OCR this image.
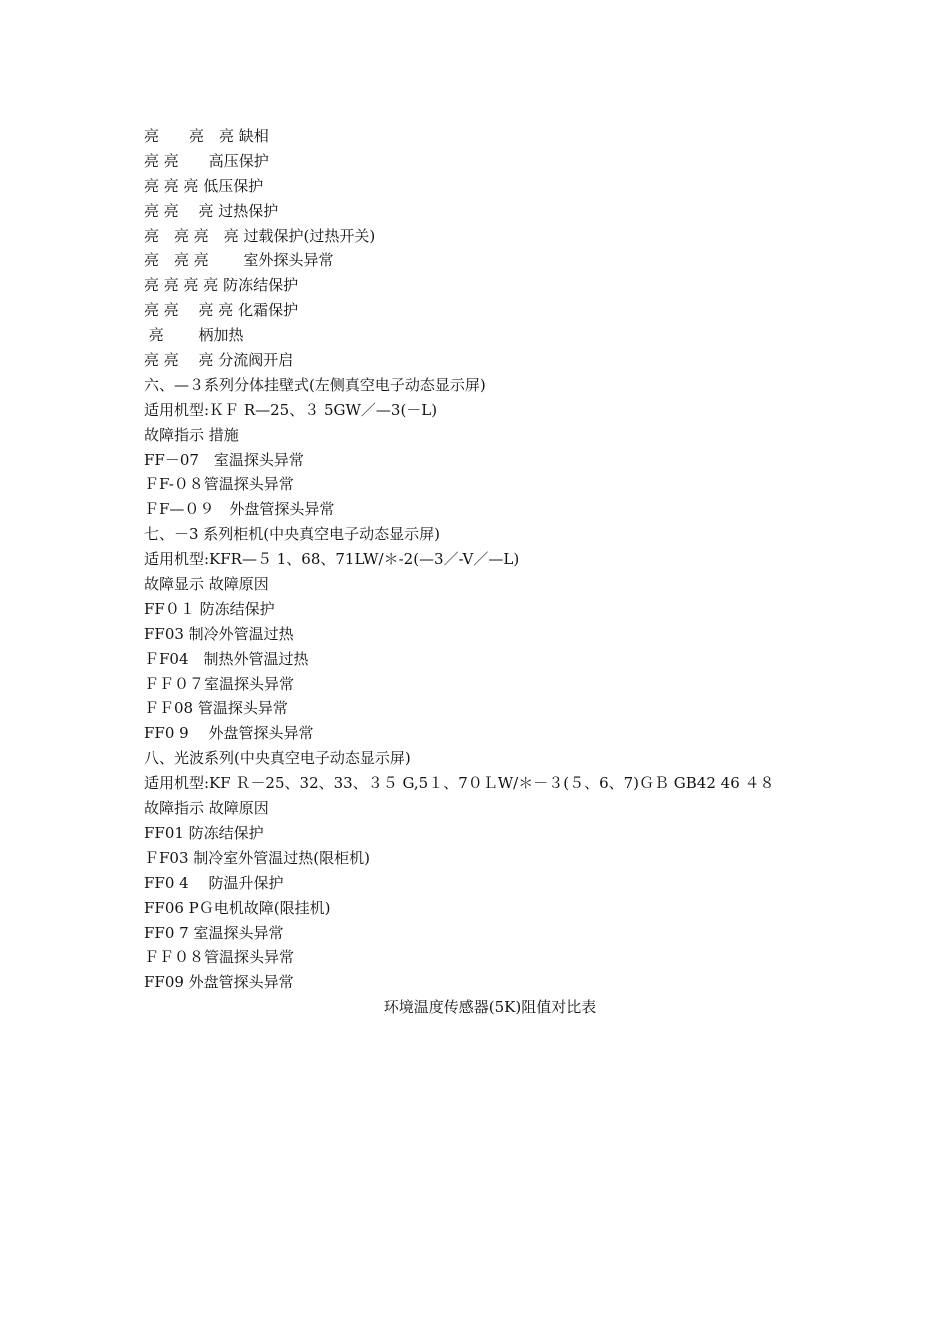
亮　　亮　亮 缺相
亮 亮　　高压保护
亮 亮 亮 低压保护
亮 亮　 亮 过热保护
亮　亮 亮　亮 过载保护(过热开关)
亮　亮 亮　　 室外探头异常
亮 亮 亮 亮 防冻结保护
亮 亮　 亮 亮 化霜保护
亮　　 柄加热
亮 亮　 亮 分流阀开启
六、—３系列分体挂壁式(左侧真空电子动态显示屏)
适用机型:ＫＦ R—25、３ 5GW／—3(－L)
故障指示 措施
FF－07　室温探头异常
ＦF-０８管温探头异常
ＦF—０９　外盘管探头异常
七、－3 系列柜机(中央真空电子动态显示屏)
适用机型:KFR—５ 1、68、71LW/＊-2(—3／-V／—L)
故障显示 故障原因
FF０１ 防冻结保护
FF03 制冷外管温过热
ＦF04　制热外管温过热
ＦＦ０７室温探头异常
ＦＦ08 管温探头异常
FF0 9　 外盘管探头异常
八、光波系列(中央真空电子动态显示屏)
适用机型:KF Ｒ－25、32、33、３５ G,5１、7０ＬW/＊－３(５、6、7)ＧＢ GB42 46 ４８
故障指示 故障原因
FF01 防冻结保护
ＦF03 制冷室外管温过热(限柜机)
FF0 4　 防温升保护
FF06 PＧ电机故障(限挂机)
FF0 7 室温探头异常
ＦＦ０８管温探头异常
FF09 外盘管探头异常
环境温度传感器(5K)阻值对比表
